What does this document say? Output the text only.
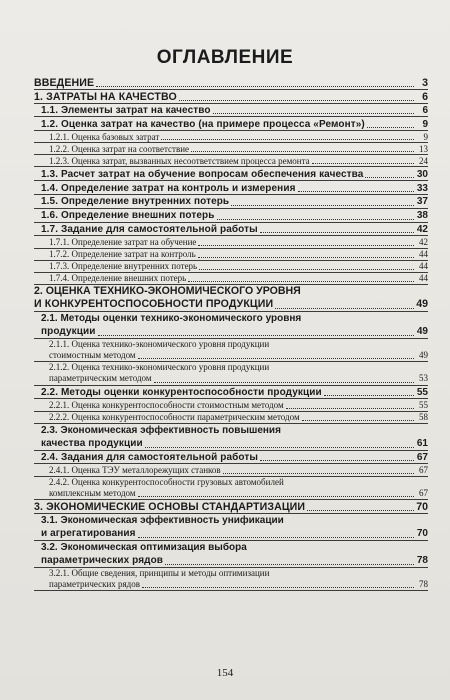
ОГЛАВЛЕНИЕ
ВВЕДЕНИЕ	3
1. ЗАТРАТЫ НА КАЧЕСТВО	6
1.1. Элементы затрат на качество	6
1.2. Оценка затрат на качество (на примере процесса «Ремонт»)	9
1.2.1. Оценка базовых затрат	9
1.2.2. Оценка затрат на соответствие	13
1.2.3. Оценка затрат, вызванных несоответствием процесса ремонта	24
1.3. Расчет затрат на обучение вопросам обеспечения качества	30
1.4. Определение затрат на контроль и измерения	33
1.5. Определение внутренних потерь	37
1.6. Определение внешних потерь	38
1.7. Задание для самостоятельной работы	42
1.7.1. Определение затрат на обучение	42
1.7.2. Определение затрат на контроль	44
1.7.3. Определение внутренних потерь	44
1.7.4. Определение внешних потерь	44
2. ОЦЕНКА ТЕХНИКО-ЭКОНОМИЧЕСКОГО УРОВНЯ
И КОНКУРЕНТОСПОСОБНОСТИ ПРОДУКЦИИ	49
2.1. Методы оценки технико-экономического уровня
продукции	49
2.1.1. Оценка технико-экономического уровня продукции
стоимостным методом	49
2.1.2. Оценка технико-экономического уровня продукции
параметрическим методом	53
2.2. Методы оценки конкурентоспособности продукции	55
2.2.1. Оценка конкурентоспособности стоимостным методом	55
2.2.2. Оценка конкурентоспособности параметрическим методом	58
2.3. Экономическая эффективность повышения
качества продукции	61
2.4. Задания для самостоятельной работы	67
2.4.1. Оценка ТЭУ металлорежущих станков	67
2.4.2. Оценка конкурентоспособности грузовых автомобилей
комплексным методом	67
3. ЭКОНОМИЧЕСКИЕ ОСНОВЫ СТАНДАРТИЗАЦИИ	70
3.1. Экономическая эффективность унификации
и агрегатирования	70
3.2. Экономическая оптимизация выбора
параметрических рядов	78
3.2.1. Общие сведения, принципы и методы оптимизации
параметрических рядов	78
154
